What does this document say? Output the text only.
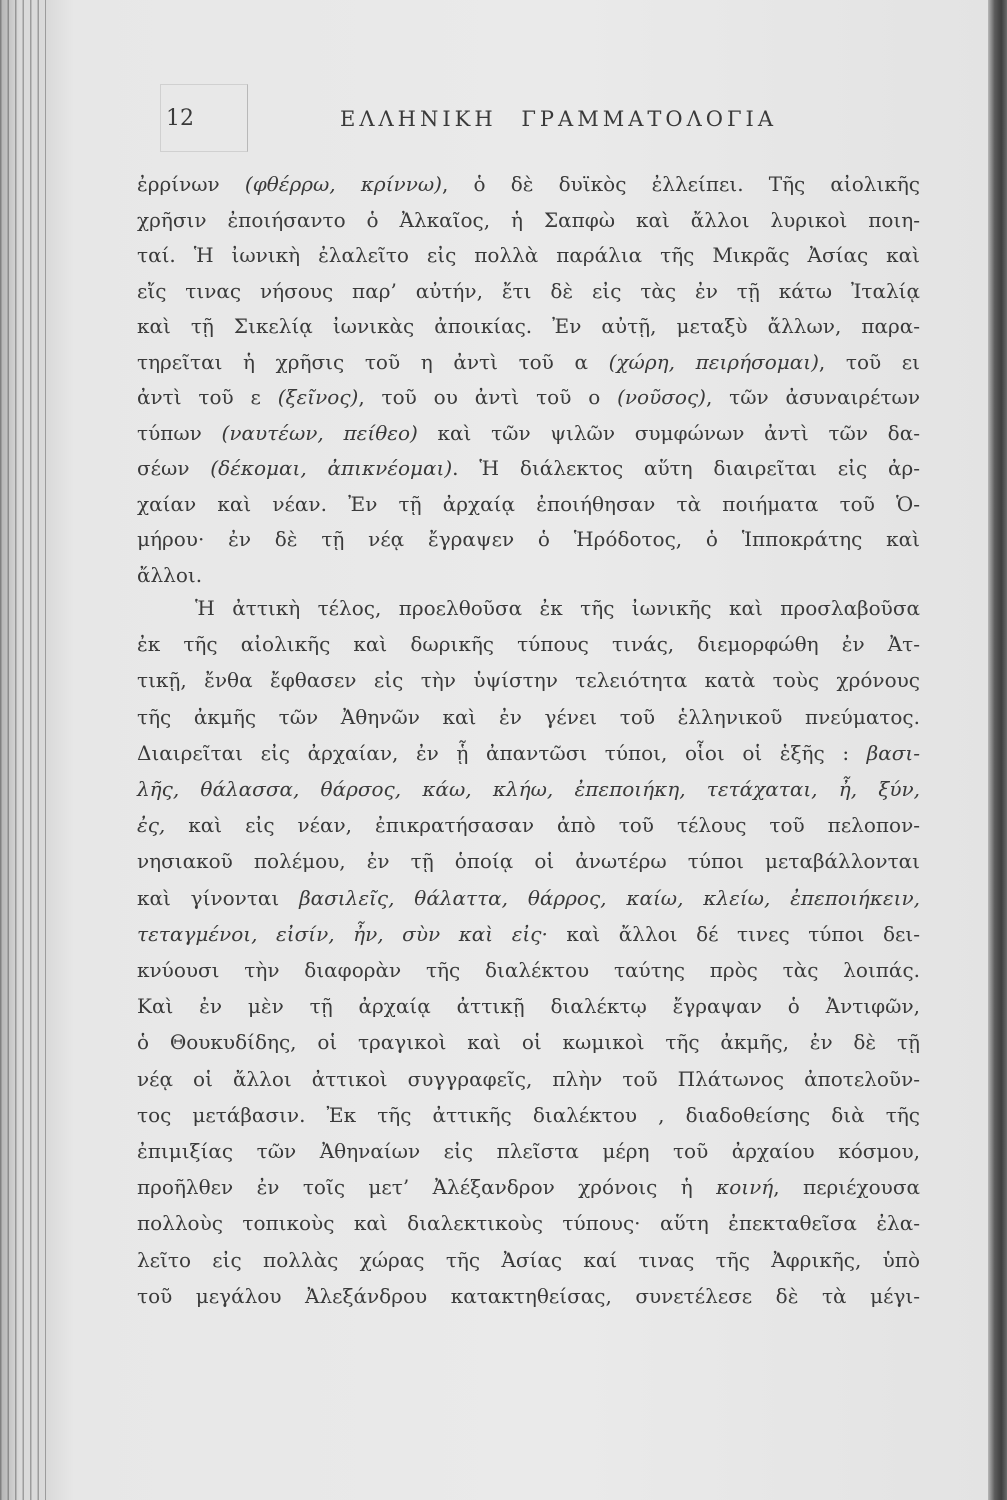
12	ΕΛΛΗΝΙΚΗ ΓΡΑΜΜΑΤΟΛΟΓΙΑ
ἐρρίνων (φθέρρω, κρίννω), ὁ δὲ δυϊκὸς ἐλλείπει. Τῆς αἰολικῆς
χρῆσιν ἐποιήσαντο ὁ Ἀλκαῖος, ἡ Σαπφὼ καὶ ἄλλοι λυρικοὶ ποιη-
ταί. Ἡ ἰωνικὴ ἐλαλεῖτο εἰς πολλὰ παράλια τῆς Μικρᾶς Ἀσίας καὶ
εἴς τινας νήσους παρ’ αὐτήν, ἔτι δὲ εἰς τὰς ἐν τῇ κάτω Ἰταλίᾳ
καὶ τῇ Σικελίᾳ ἰωνικὰς ἀποικίας. Ἐν αὐτῇ, μεταξὺ ἄλλων, παρα-
τηρεῖται ἡ χρῆσις τοῦ η ἀντὶ τοῦ α (χώρη, πειρήσομαι), τοῦ ει
ἀντὶ τοῦ ε (ξεῖνος), τοῦ ου ἀντὶ τοῦ ο (νοῦσος), τῶν ἀσυναιρέτων
τύπων (ναυτέων, πείθεο) καὶ τῶν ψιλῶν συμφώνων ἀντὶ τῶν δα-
σέων (δέκομαι, ἀπικνέομαι). Ἡ διάλεκτος αὕτη διαιρεῖται εἰς ἀρ-
χαίαν καὶ νέαν. Ἐν τῇ ἀρχαίᾳ ἐποιήθησαν τὰ ποιήματα τοῦ Ὁ-
μήρου· ἐν δὲ τῇ νέᾳ ἔγραψεν ὁ Ἡρόδοτος, ὁ Ἱπποκράτης καὶ
ἄλλοι.
Ἡ ἀττικὴ τέλος, προελθοῦσα ἐκ τῆς ἰωνικῆς καὶ προσλαβοῦσα
ἐκ τῆς αἰολικῆς καὶ δωρικῆς τύπους τινάς, διεμορφώθη ἐν Ἀτ-
τικῇ, ἔνθα ἔφθασεν εἰς τὴν ὑψίστην τελειότητα κατὰ τοὺς χρόνους
τῆς ἀκμῆς τῶν Ἀθηνῶν καὶ ἐν γένει τοῦ ἑλληνικοῦ πνεύματος.
Διαιρεῖται εἰς ἀρχαίαν, ἐν ᾗ ἀπαντῶσι τύποι, οἷοι οἱ ἑξῆς : βασι-
λῆς, θάλασσα, θάρσος, κάω, κλήω, ἐπεποιήκη, τετάχαται, ἦ, ξύν,
ἐς, καὶ εἰς νέαν, ἐπικρατήσασαν ἀπὸ τοῦ τέλους τοῦ πελοπον-
νησιακοῦ πολέμου, ἐν τῇ ὁποίᾳ οἱ ἀνωτέρω τύποι μεταβάλλονται
καὶ γίνονται βασιλεῖς, θάλαττα, θάρρος, καίω, κλείω, ἐπεποιήκειν,
τεταγμένοι, εἰσίν, ἦν, σὺν καὶ εἰς· καὶ ἄλλοι δέ τινες τύποι δει-
κνύουσι τὴν διαφορὰν τῆς διαλέκτου ταύτης πρὸς τὰς λοιπάς.
Καὶ ἐν μὲν τῇ ἀρχαίᾳ ἀττικῇ διαλέκτῳ ἔγραψαν ὁ Ἀντιφῶν,
ὁ Θουκυδίδης, οἱ τραγικοὶ καὶ οἱ κωμικοὶ τῆς ἀκμῆς, ἐν δὲ τῇ
νέᾳ οἱ ἄλλοι ἀττικοὶ συγγραφεῖς, πλὴν τοῦ Πλάτωνος ἀποτελοῦν-
τος μετάβασιν. Ἐκ τῆς ἀττικῆς διαλέκτου , διαδοθείσης διὰ τῆς
ἐπιμιξίας τῶν Ἀθηναίων εἰς πλεῖστα μέρη τοῦ ἀρχαίου κόσμου,
προῆλθεν ἐν τοῖς μετ’ Ἀλέξανδρον χρόνοις ἡ κοινή, περιέχουσα
πολλοὺς τοπικοὺς καὶ διαλεκτικοὺς τύπους· αὕτη ἐπεκταθεῖσα ἐλα-
λεῖτο εἰς πολλὰς χώρας τῆς Ἀσίας καί τινας τῆς Ἀφρικῆς, ὑπὸ
τοῦ μεγάλου Ἀλεξάνδρου κατακτηθείσας, συνετέλεσε δὲ τὰ μέγι-
